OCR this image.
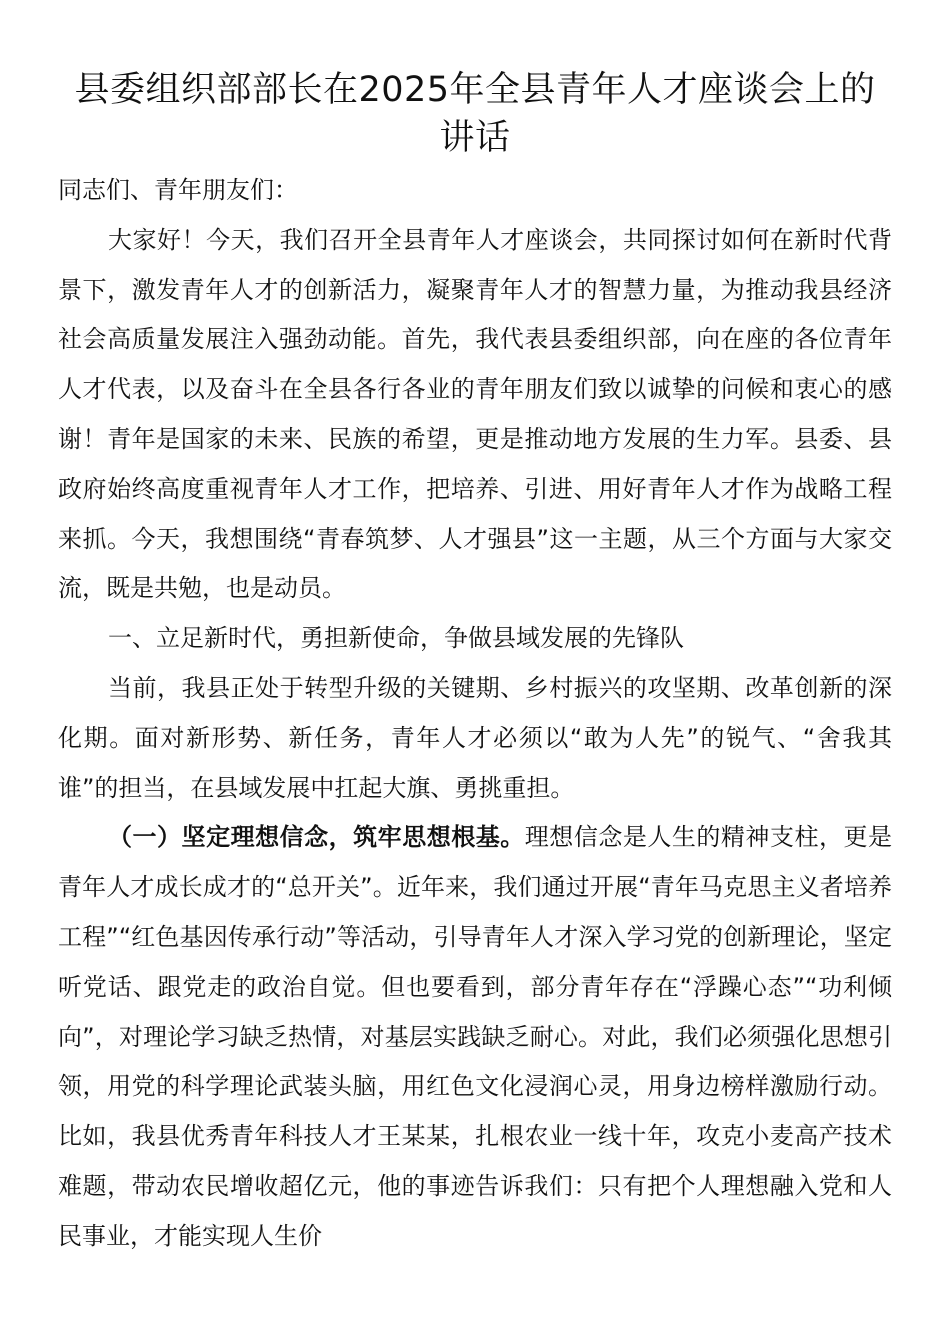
县委组织部部长在2025年全县青年人才座谈会上的讲话

同志们、青年朋友们：

大家好！今天，我们召开全县青年人才座谈会，共同探讨如何在新时代背景下，激发青年人才的创新活力，凝聚青年人才的智慧力量，为推动我县经济社会高质量发展注入强劲动能。首先，我代表县委组织部，向在座的各位青年人才代表，以及奋斗在全县各行各业的青年朋友们致以诚挚的问候和衷心的感谢！青年是国家的未来、民族的希望，更是推动地方发展的生力军。县委、县政府始终高度重视青年人才工作，把培养、引进、用好青年人才作为战略工程来抓。今天，我想围绕“青春筑梦、人才强县”这一主题，从三个方面与大家交流，既是共勉，也是动员。

一、立足新时代，勇担新使命，争做县域发展的先锋队

当前，我县正处于转型升级的关键期、乡村振兴的攻坚期、改革创新的深化期。面对新形势、新任务，青年人才必须以“敢为人先”的锐气、“舍我其谁”的担当，在县域发展中扛起大旗、勇挑重担。

（一）坚定理想信念，筑牢思想根基。理想信念是人生的精神支柱，更是青年人才成长成才的“总开关”。近年来，我们通过开展“青年马克思主义者培养工程”“红色基因传承行动”等活动，引导青年人才深入学习党的创新理论，坚定听党话、跟党走的政治自觉。但也要看到，部分青年存在“浮躁心态”“功利倾向”，对理论学习缺乏热情，对基层实践缺乏耐心。对此，我们必须强化思想引领，用党的科学理论武装头脑，用红色文化浸润心灵，用身边榜样激励行动。比如，我县优秀青年科技人才王某某，扎根农业一线十年，攻克小麦高产技术难题，带动农民增收超亿元，他的事迹告诉我们：只有把个人理想融入党和人民事业，才能实现人生价
